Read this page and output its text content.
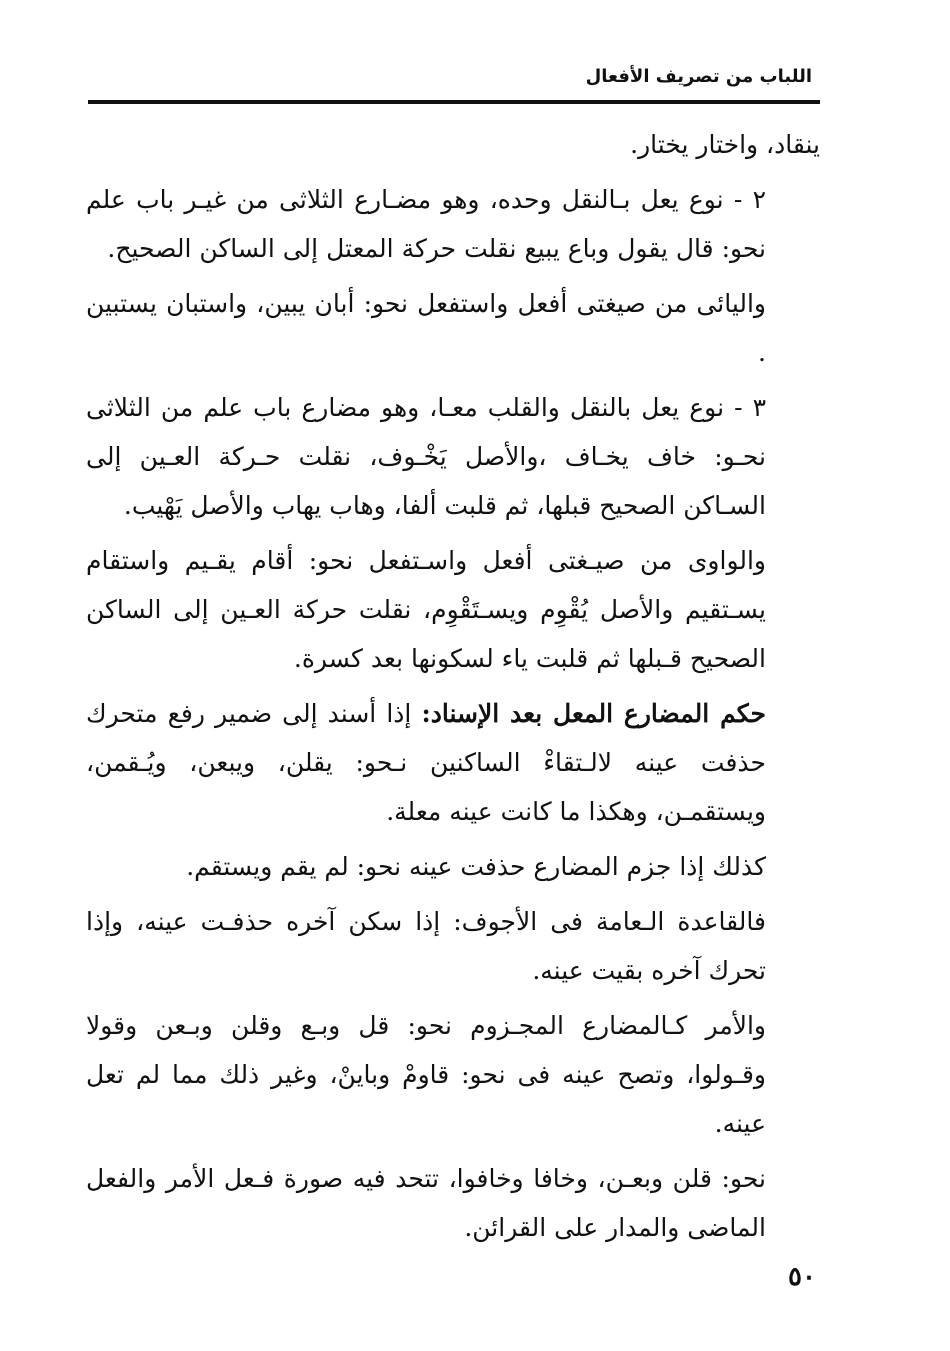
اللباب من تصريف الأفعال

ينقاد، واختار يختار.

٢ - نوع يعل بـالنقل وحده، وهو مضـارع الثلاثى من غيـر باب علم نحو: قال يقول وباع يبيع نقلت حركة المعتل إلى الساكن الصحيح.

واليائى من صيغتى أفعل واستفعل نحو: أبان يبين، واستبان يستبين .

٣ - نوع يعل بالنقل والقلب معـا، وهو مضارع باب علم من الثلاثى نحـو: خاف يخـاف ،والأصل يَخْـوف، نقلت حـركة العـين إلى السـاكن الصحيح قبلها، ثم قلبت ألفا، وهاب يهاب والأصل يَهْيب.

والواوى من صيـغتى أفعل واسـتفعل نحو: أقام يقـيم واستقام يسـتقيم والأصل يُقْوِم ويسـتَقْوِم، نقلت حركة العـين إلى الساكن الصحيح قـبلها ثم قلبت ياء لسكونها بعد كسرة.

حكم المضارع المعل بعد الإسناد: إذا أسند إلى ضمير رفع متحرك حذفت عينه لالـتقاءْ الساكنين نـحو: يقلن، ويبعن، ويُـقمن، ويستقمـن، وهكذا ما كانت عينه معلة.

كذلك إذا جزم المضارع حذفت عينه نحو: لم يقم ويستقم.

فالقاعدة الـعامة فى الأجوف: إذا سكن آخره حذفـت عينه، وإذا تحرك آخره بقيت عينه.

والأمر كـالمضارع المجـزوم نحو: قل وبـع وقلن وبـعن وقولا وقـولوا، وتصح عينه فى نحو: قاومْ وباينْ، وغير ذلك مما لم تعل عينه.

نحو: قلن وبعـن، وخافا وخافوا، تتحد فيه صورة فـعل الأمر والفعل الماضى والمدار على القرائن.

٥٠
